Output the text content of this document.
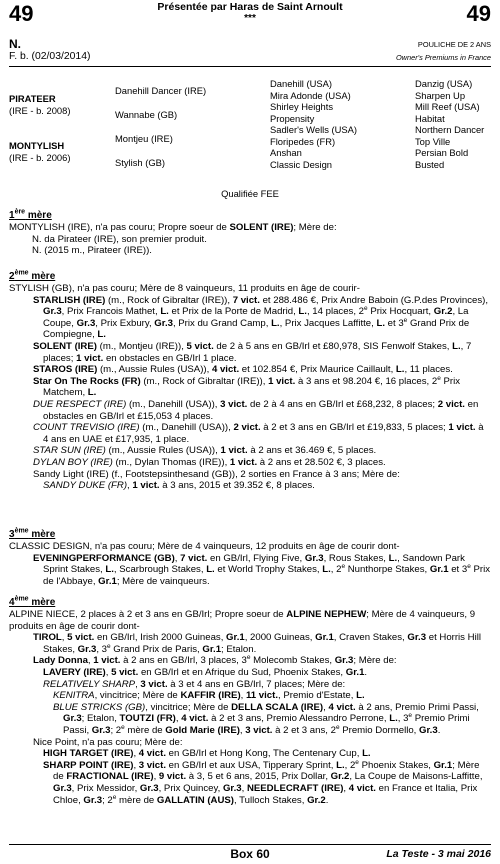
49	49
Présentée par Haras de Saint Arnoult
***
N.
F. b. (02/03/2014)
POULICHE DE 2 ANS
Owner's Premiums in France
PIRATEER
(IRE - b. 2008)
MONTYLISH
(IRE - b. 2006)
Danehill Dancer (IRE)
Wannabe (GB)
Montjeu (IRE)
Stylish (GB)
Danehill (USA)
Mira Adonde (USA)
Shirley Heights
Propensity
Sadler's Wells (USA)
Floripedes (FR)
Anshan
Classic Design
Danzig (USA)
Sharpen Up
Mill Reef (USA)
Habitat
Northern Dancer
Top Ville
Persian Bold
Busted
Qualifiée FEE
1ère mère

MONTYLISH (IRE), n'a pas couru; Propre soeur de SOLENT (IRE); Mère de:

N. da Pirateer (IRE), son premier produit.

N. (2015 m., Pirateer (IRE)).

2ème mère

STYLISH (GB), n'a pas couru; Mère de 8 vainqueurs, 11 produits en âge de courir-

STARLISH (IRE) (m., Rock of Gibraltar (IRE)), 7 vict. et 288.486 €, Prix Andre Baboin (G.P.des Provinces), Gr.3, Prix Francois Mathet, L. et Prix de la Porte de Madrid, L., 14 places, 2e Prix Hocquart, Gr.2, La Coupe, Gr.3, Prix Exbury, Gr.3, Prix du Grand Camp, L., Prix Jacques Laffitte, L. et 3e Grand Prix de Compiegne, L.

SOLENT (IRE) (m., Montjeu (IRE)), 5 vict. de 2 à 5 ans en GB/Irl et £80,978, SIS Fenwolf Stakes, L., 7 places; 1 vict. en obstacles en GB/Irl 1 place.

STAROS (IRE) (m., Aussie Rules (USA)), 4 vict. et 102.854 €, Prix Maurice Caillault, L., 11 places.

Star On The Rocks (FR) (m., Rock of Gibraltar (IRE)), 1 vict. à 3 ans et 98.204 €, 16 places, 2e Prix Matchem, L.

DUE RESPECT (IRE) (m., Danehill (USA)), 3 vict. de 2 à 4 ans en GB/Irl et £68,232, 8 places; 2 vict. en obstacles en GB/Irl et £15,053 4 places.

COUNT TREVISIO (IRE) (m., Danehill (USA)), 2 vict. à 2 et 3 ans en GB/Irl et £19,833, 5 places; 1 vict. à 4 ans en UAE et £17,935, 1 place.

STAR SUN (IRE) (m., Aussie Rules (USA)), 1 vict. à 2 ans et 36.469 €, 5 places.

DYLAN BOY (IRE) (m., Dylan Thomas (IRE)), 1 vict. à 2 ans et 28.502 €, 3 places.

Sandy Light (IRE) (f., Footstepsinthesand (GB)), 2 sorties en France à 3 ans; Mère de:

SANDY DUKE (FR), 1 vict. à 3 ans, 2015 et 39.352 €, 8 places.

3ème mère

CLASSIC DESIGN, n'a pas couru; Mère de 4 vainqueurs, 12 produits en âge de courir dont-

EVENINGPERFORMANCE (GB), 7 vict. en GB/Irl, Flying Five, Gr.3, Rous Stakes, L., Sandown Park Sprint Stakes, L., Scarbrough Stakes, L. et World Trophy Stakes, L., 2e Nunthorpe Stakes, Gr.1 et 3e Prix de l'Abbaye, Gr.1; Mère de vainqueurs.

4ème mère

ALPINE NIECE, 2 places à 2 et 3 ans en GB/Irl; Propre soeur de ALPINE NEPHEW; Mère de 4 vainqueurs, 9 produits en âge de courir dont-

TIROL, 5 vict. en GB/Irl, Irish 2000 Guineas, Gr.1, 2000 Guineas, Gr.1, Craven Stakes, Gr.3 et Horris Hill Stakes, Gr.3, 3e Grand Prix de Paris, Gr.1; Etalon.

Lady Donna, 1 vict. à 2 ans en GB/Irl, 3 places, 3e Molecomb Stakes, Gr.3; Mère de:

LAVERY (IRE), 5 vict. en GB/Irl et en Afrique du Sud, Phoenix Stakes, Gr.1.

RELATIVELY SHARP, 3 vict. à 3 et 4 ans en GB/Irl, 7 places; Mère de:

KENITRA, vincitrice; Mère de KAFFIR (IRE), 11 vict., Premio d'Estate, L.

BLUE STRICKS (GB), vincitrice; Mère de DELLA SCALA (IRE), 4 vict. à 2 ans, Premio Primi Passi, Gr.3; Etalon, TOUTZI (FR), 4 vict. à 2 et 3 ans, Premio Alessandro Perrone, L., 3e Premio Primi Passi, Gr.3; 2e mère de Gold Marie (IRE), 3 vict. à 2 et 3 ans, 2e Premio Dormello, Gr.3.

Nice Point, n'a pas couru; Mère de:

HIGH TARGET (IRE), 4 vict. en GB/Irl et Hong Kong, The Centenary Cup, L.

SHARP POINT (IRE), 3 vict. en GB/Irl et aux USA, Tipperary Sprint, L., 2e Phoenix Stakes, Gr.1; Mère de FRACTIONAL (IRE), 9 vict. à 3, 5 et 6 ans, 2015, Prix Dollar, Gr.2, La Coupe de Maisons-Laffitte, Gr.3, Prix Messidor, Gr.3, Prix Quincey, Gr.3, NEEDLECRAFT (IRE), 4 vict. en France et Italia, Prix Chloe, Gr.3; 2e mère de GALLATIN (AUS), Tulloch Stakes, Gr.2.

Box 60	La Teste - 3 mai 2016
